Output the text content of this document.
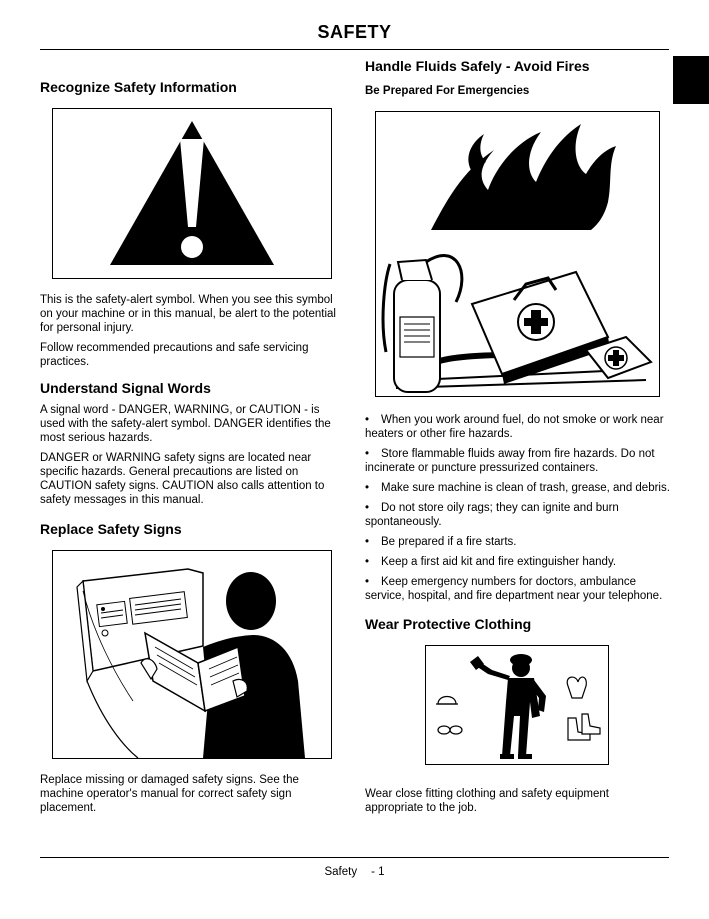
SAFETY
Recognize Safety Information

This is the safety-alert symbol. When you see this symbol on your machine or in this manual, be alert to the potential for personal injury.

Follow recommended precautions and safe servicing practices.

Understand Signal Words

A signal word - DANGER, WARNING, or CAUTION - is used with the safety-alert symbol. DANGER identifies the most serious hazards.

DANGER or WARNING safety signs are located near specific hazards. General precautions are listed on CAUTION safety signs. CAUTION also calls attention to safety messages in this manual.

Replace Safety Signs

Replace missing or damaged safety signs. See the machine operator's manual for correct safety sign placement.

Handle Fluids Safely - Avoid Fires
Be Prepared For Emergencies
• When you work around fuel, do not smoke or work near heaters or other fire hazards.
• Store flammable fluids away from fire hazards. Do not incinerate or puncture pressurized containers.
• Make sure machine is clean of trash, grease, and debris.
• Do not store oily rags; they can ignite and burn spontaneously.
• Be prepared if a fire starts.
• Keep a first aid kit and fire extinguisher handy.
• Keep emergency numbers for doctors, ambulance service, hospital, and fire department near your telephone.
Wear Protective Clothing

Wear close fitting clothing and safety equipment appropriate to the job.

Safety - 1
